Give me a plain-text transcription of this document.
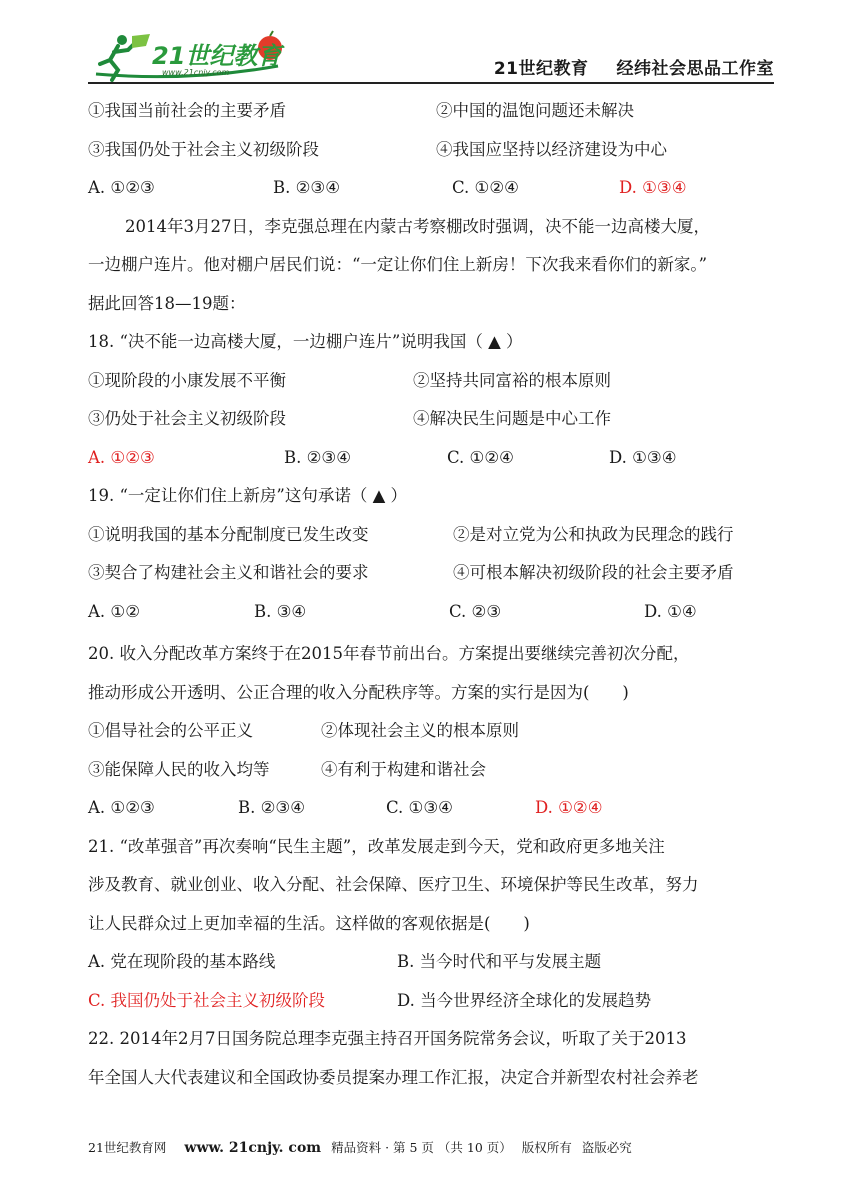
21世纪教育
www.21cnjy.com	21世纪教育 经纬社会思品工作室
①我国当前社会的主要矛盾	②中国的温饱问题还未解决
③我国仍处于社会主义初级阶段	④我国应坚持以经济建设为中心
A. ①②③	B. ②③④	C. ①②④	D. ①③④
2014年3月27日，李克强总理在内蒙古考察棚改时强调，决不能一边高楼大厦，
一边棚户连片。他对棚户居民们说：“一定让你们住上新房！下次我来看你们的新家。”
据此回答18—19题：
18. “决不能一边高楼大厦，一边棚户连片”说明我国（ ▲ ）
①现阶段的小康发展不平衡	②坚持共同富裕的根本原则
③仍处于社会主义初级阶段	④解决民生问题是中心工作
A. ①②③	B. ②③④	C. ①②④	D. ①③④
19. “一定让你们住上新房”这句承诺（ ▲ ）
①说明我国的基本分配制度已发生改变	②是对立党为公和执政为民理念的践行
③契合了构建社会主义和谐社会的要求	④可根本解决初级阶段的社会主要矛盾
A. ①②	B. ③④	C. ②③	D. ①④
20. 收入分配改革方案终于在2015年春节前出台。方案提出要继续完善初次分配，
推动形成公开透明、公正合理的收入分配秩序等。方案的实行是因为(　　)
①倡导社会的公平正义	②体现社会主义的根本原则
③能保障人民的收入均等	④有利于构建和谐社会
A. ①②③	B. ②③④	C. ①③④	D. ①②④
21. “改革强音”再次奏响“民生主题”，改革发展走到今天，党和政府更多地关注
涉及教育、就业创业、收入分配、社会保障、医疗卫生、环境保护等民生改革，努力
让人民群众过上更加幸福的生活。这样做的客观依据是(　　)
A. 党在现阶段的基本路线	B. 当今时代和平与发展主题
C. 我国仍处于社会主义初级阶段	D. 当今世界经济全球化的发展趋势
22. 2014年2月7日国务院总理李克强主持召开国务院常务会议，听取了关于2013
年全国人大代表建议和全国政协委员提案办理工作汇报，决定合并新型农村社会养老
21世纪教育网 www. 21cnjy. com 精品资料 · 第 5 页 （共 10 页） 版权所有 盗版必究
